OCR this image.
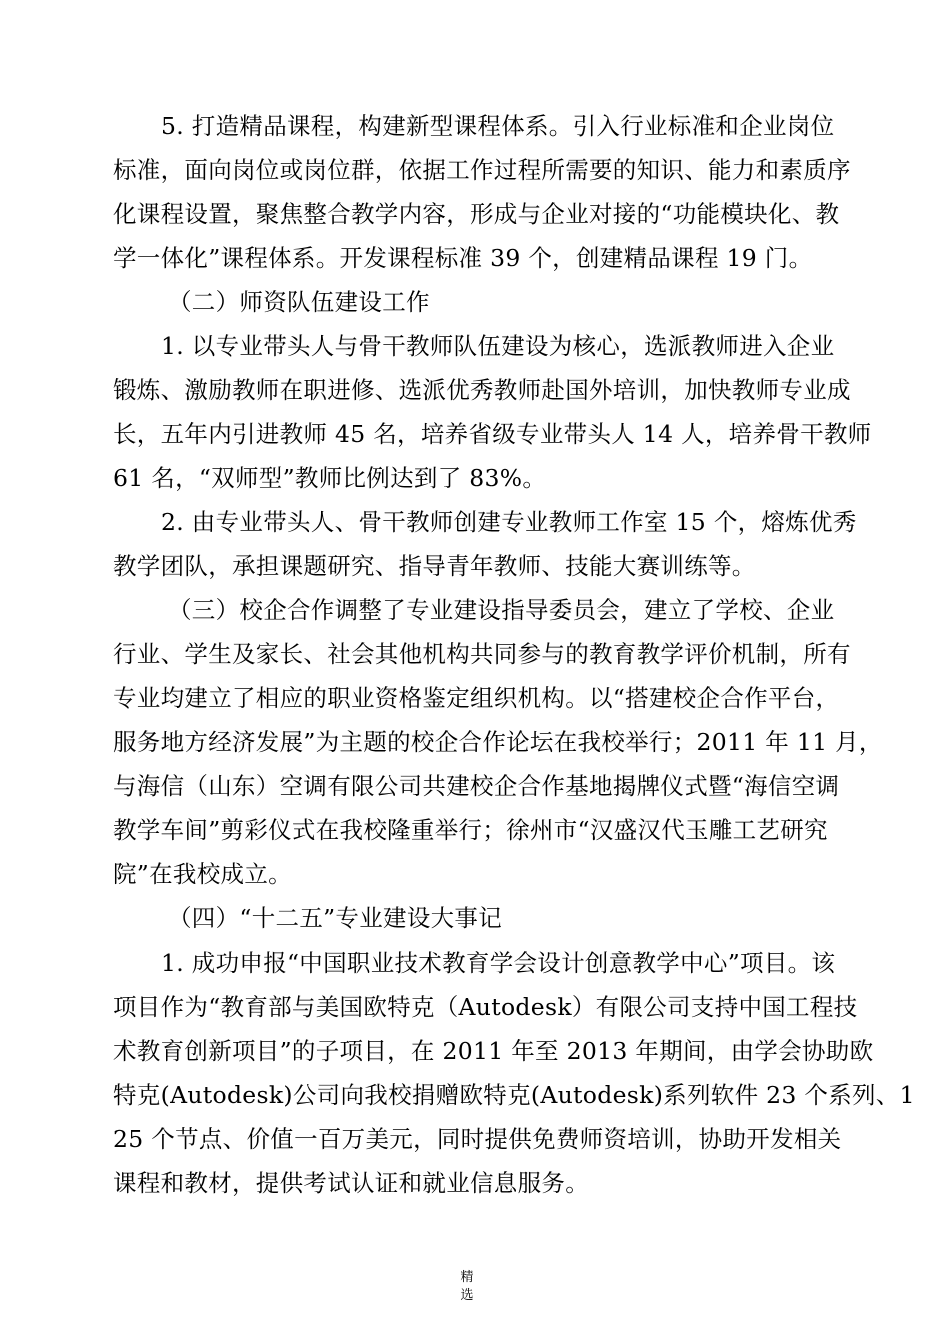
5. 打造精品课程，构建新型课程体系。引入行业标准和企业岗位
标准，面向岗位或岗位群，依据工作过程所需要的知识、能力和素质序
化课程设置，聚焦整合教学内容，形成与企业对接的“功能模块化、教
学一体化”课程体系。开发课程标准 39 个，创建精品课程 19 门。
（二）师资队伍建设工作
1. 以专业带头人与骨干教师队伍建设为核心，选派教师进入企业
锻炼、激励教师在职进修、选派优秀教师赴国外培训，加快教师专业成
长，五年内引进教师 45 名，培养省级专业带头人 14 人，培养骨干教师
61 名，“双师型”教师比例达到了 83%。
2. 由专业带头人、骨干教师创建专业教师工作室 15 个，熔炼优秀
教学团队，承担课题研究、指导青年教师、技能大赛训练等。
（三）校企合作调整了专业建设指导委员会，建立了学校、企业
行业、学生及家长、社会其他机构共同参与的教育教学评价机制，所有
专业均建立了相应的职业资格鉴定组织机构。以“搭建校企合作平台，
服务地方经济发展”为主题的校企合作论坛在我校举行；2011 年 11 月，
与海信（山东）空调有限公司共建校企合作基地揭牌仪式暨“海信空调
教学车间”剪彩仪式在我校隆重举行；徐州市“汉盛汉代玉雕工艺研究
院”在我校成立。
（四）“十二五”专业建设大事记
1. 成功申报“中国职业技术教育学会设计创意教学中心”项目。该
项目作为“教育部与美国欧特克（Autodesk）有限公司支持中国工程技
术教育创新项目”的子项目，在 2011 年至 2013 年期间，由学会协助欧
特克(Autodesk)公司向我校捐赠欧特克(Autodesk)系列软件 23 个系列、1
25 个节点、价值一百万美元，同时提供免费师资培训，协助开发相关
课程和教材，提供考试认证和就业信息服务。
精
选
